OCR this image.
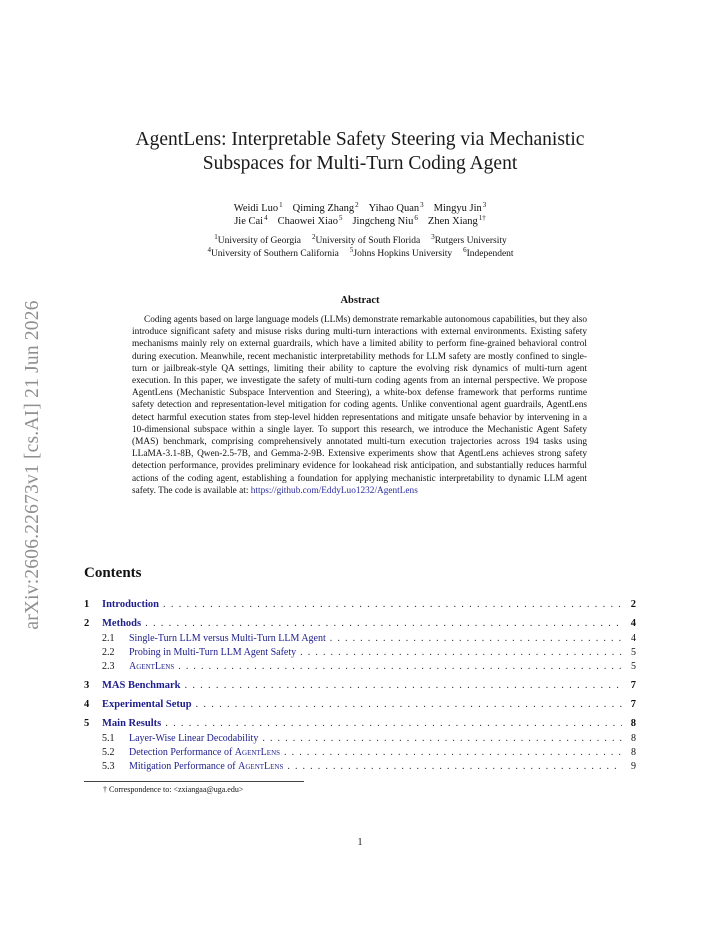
arXiv:2606.22673v1 [cs.AI] 21 Jun 2026
AgentLens: Interpretable Safety Steering via Mechanistic
Subspaces for Multi-Turn Coding Agent
Weidi Luo$^1$ Qiming Zhang$^2$ Yihao Quan$^3$ Mingyu Jin$^3$
Jie Cai$^4$ Chaowei Xiao$^5$ Jingcheng Niu$^6$ Zhen Xiang$^{1\dagger}$
$^1$University of Georgia $^2$University of South Florida $^3$Rutgers University
$^4$University of Southern California $^5$Johns Hopkins University $^6$Independent
Abstract
Coding agents based on large language models (LLMs) demonstrate remarkable autonomous capabilities, but they also introduce significant safety and misuse risks during multi-turn interactions with external environments. Existing safety mechanisms mainly rely on external guardrails, which have a limited ability to perform fine-grained behavioral control during execution. Meanwhile, recent mechanistic interpretability methods for LLM safety are mostly confined to single-turn or jailbreak-style QA settings, limiting their ability to capture the evolving risk dynamics of multi-turn agent execution. In this paper, we investigate the safety of multi-turn coding agents from an internal perspective. We propose AgentLens (Mechanistic Subspace Intervention and Steering), a white-box defense framework that performs runtime safety detection and representation-level mitigation for coding agents. Unlike conventional agent guardrails, AgentLens detect harmful execution states from step-level hidden representations and mitigate unsafe behavior by intervening in a 10-dimensional subspace within a single layer. To support this research, we introduce the Mechanistic Agent Safety (MAS) benchmark, comprising comprehensively annotated multi-turn execution trajectories across 194 tasks using LLaMA-3.1-8B, Qwen-2.5-7B, and Gemma-2-9B. Extensive experiments show that AgentLens achieves strong safety detection performance, provides preliminary evidence for lookahead risk anticipation, and substantially reduces harmful actions of the coding agent, establishing a foundation for applying mechanistic interpretability to dynamic LLM agent safety. The code is available at: https://github.com/EddyLuo1232/AgentLens
Contents
1	Introduction . . .	2
2	Methods . . .	4
2.1	Single-Turn LLM versus Multi-Turn LLM Agent . . .	4
2.2	Probing in Multi-Turn LLM Agent Safety . . .	5
2.3	AgentLens . . .	5
3	MAS Benchmark . . .	7
4	Experimental Setup . . .	7
5	Main Results . . .	8
5.1	Layer-Wise Linear Decodability . . .	8
5.2	Detection Performance of AgentLens . . .	8
5.3	Mitigation Performance of AgentLens . . .	9
† Correspondence to: <zxiangaa@uga.edu>
1
